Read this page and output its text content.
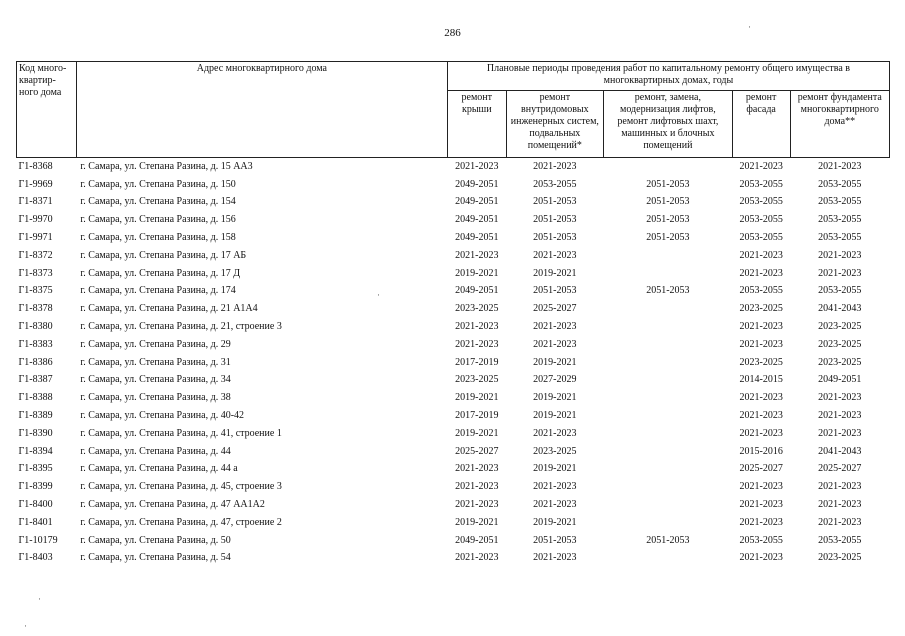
286
Код много-квартир-ного дома	Адрес многоквартирного дома	Плановые периоды проведения работ по капитальному ремонту общего имущества в многоквартирных домах, годы				
		ремонт крыши	ремонт внутридомовых инженерных систем, подвальных помещений*	ремонт, замена, модернизация лифтов, ремонт лифтовых шахт, машинных и блочных помещений	ремонт фасада	ремонт фундамента многоквартирного дома**
Г1-8368	г. Самара, ул. Степана Разина, д. 15 АА3	2021-2023	2021-2023		2021-2023	2021-2023
Г1-9969	г. Самара, ул. Степана Разина, д. 150	2049-2051	2053-2055	2051-2053	2053-2055	2053-2055
Г1-8371	г. Самара, ул. Степана Разина, д. 154	2049-2051	2051-2053	2051-2053	2053-2055	2053-2055
Г1-9970	г. Самара, ул. Степана Разина, д. 156	2049-2051	2051-2053	2051-2053	2053-2055	2053-2055
Г1-9971	г. Самара, ул. Степана Разина, д. 158	2049-2051	2051-2053	2051-2053	2053-2055	2053-2055
Г1-8372	г. Самара, ул. Степана Разина, д. 17 АБ	2021-2023	2021-2023		2021-2023	2021-2023
Г1-8373	г. Самара, ул. Степана Разина, д. 17 Д	2019-2021	2019-2021		2021-2023	2021-2023
Г1-8375	г. Самара, ул. Степана Разина, д. 174	2049-2051	2051-2053	2051-2053	2053-2055	2053-2055
Г1-8378	г. Самара, ул. Степана Разина, д. 21 А1А4	2023-2025	2025-2027		2023-2025	2041-2043
Г1-8380	г. Самара, ул. Степана Разина, д. 21, строение 3	2021-2023	2021-2023		2021-2023	2023-2025
Г1-8383	г. Самара, ул. Степана Разина, д. 29	2021-2023	2021-2023		2021-2023	2023-2025
Г1-8386	г. Самара, ул. Степана Разина, д. 31	2017-2019	2019-2021		2023-2025	2023-2025
Г1-8387	г. Самара, ул. Степана Разина, д. 34	2023-2025	2027-2029		2014-2015	2049-2051
Г1-8388	г. Самара, ул. Степана Разина, д. 38	2019-2021	2019-2021		2021-2023	2021-2023
Г1-8389	г. Самара, ул. Степана Разина, д. 40-42	2017-2019	2019-2021		2021-2023	2021-2023
Г1-8390	г. Самара, ул. Степана Разина, д. 41, строение 1	2019-2021	2021-2023		2021-2023	2021-2023
Г1-8394	г. Самара, ул. Степана Разина, д. 44	2025-2027	2023-2025		2015-2016	2041-2043
Г1-8395	г. Самара, ул. Степана Разина, д. 44 а	2021-2023	2019-2021		2025-2027	2025-2027
Г1-8399	г. Самара, ул. Степана Разина, д. 45, строение 3	2021-2023	2021-2023		2021-2023	2021-2023
Г1-8400	г. Самара, ул. Степана Разина, д. 47 АА1А2	2021-2023	2021-2023		2021-2023	2021-2023
Г1-8401	г. Самара, ул. Степана Разина, д. 47, строение 2	2019-2021	2019-2021		2021-2023	2021-2023
Г1-10179	г. Самара, ул. Степана Разина, д. 50	2049-2051	2051-2053	2051-2053	2053-2055	2053-2055
Г1-8403	г. Самара, ул. Степана Разина, д. 54	2021-2023	2021-2023		2021-2023	2023-2025
·
·
·
·
